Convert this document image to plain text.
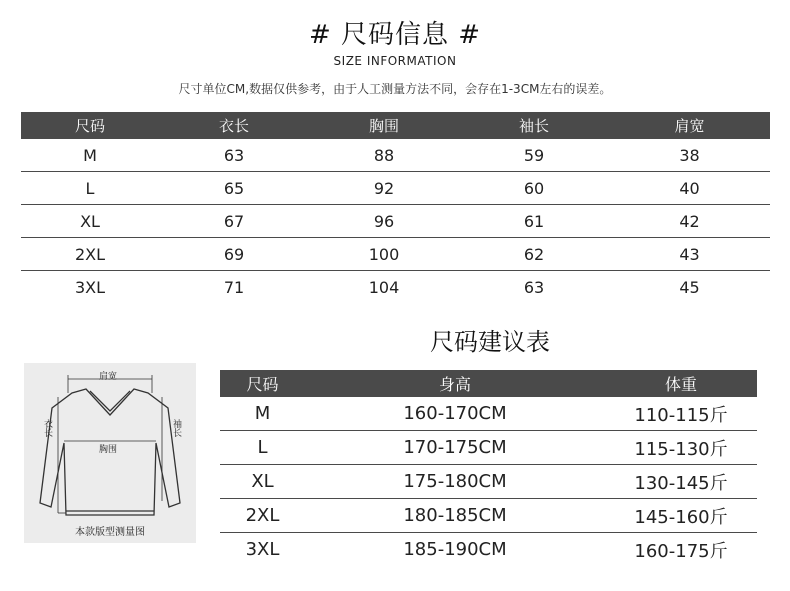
# 尺码信息 #
SIZE INFORMATION
尺寸单位CM,数据仅供参考，由于人工测量方法不同，会存在1-3CM左右的误差。
尺码	衣长	胸围	袖长	肩宽
M	63	88	59	38
L	65	92	60	40
XL	67	96	61	42
2XL	69	100	62	43
3XL	71	104	63	45
尺码建议表
肩宽
衣长
胸围
袖长
本款版型测量图
尺码	身高	体重
M	160-170CM	110-115斤
L	170-175CM	115-130斤
XL	175-180CM	130-145斤
2XL	180-185CM	145-160斤
3XL	185-190CM	160-175斤
